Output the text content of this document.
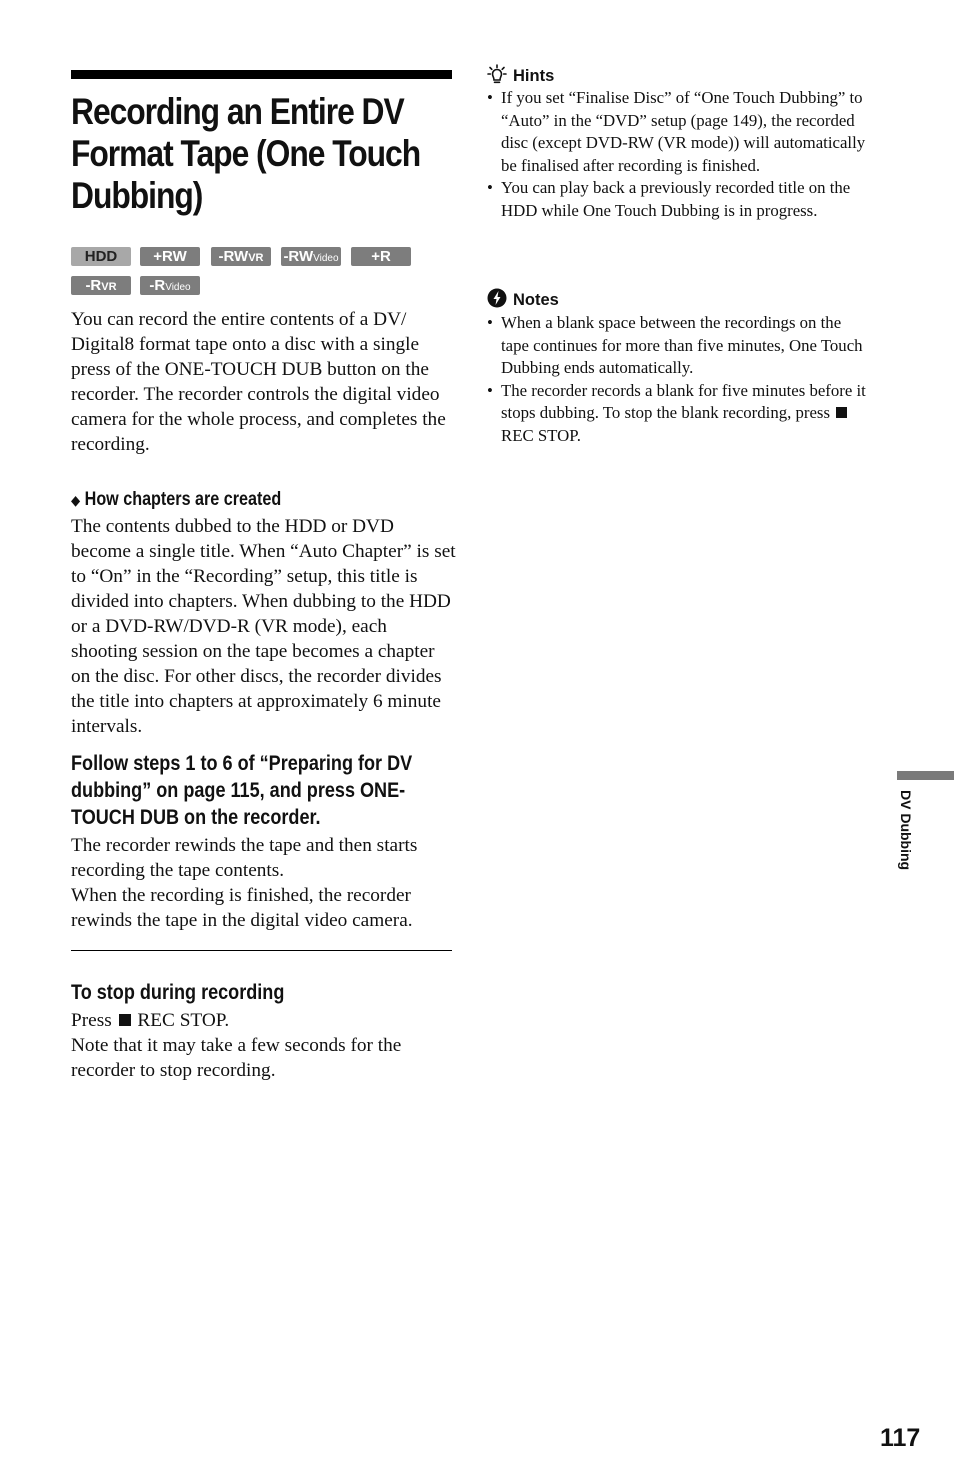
Recording an Entire DV Format Tape (One Touch Dubbing)
HDD	+RW	-RWVR	-RWVideo	+R
-RVR	-RVideo

You can record the entire contents of a DV/ Digital8 format tape onto a disc with a single press of the ONE-TOUCH DUB button on the recorder. The recorder controls the digital video camera for the whole process, and completes the recording.

◆ How chapters are created

The contents dubbed to the HDD or DVD become a single title. When “Auto Chapter” is set to “On” in the “Recording” setup, this title is divided into chapters. When dubbing to the HDD or a DVD-RW/DVD-R (VR mode), each shooting session on the tape becomes a chapter on the disc. For other discs, the recorder divides the title into chapters at approximately 6 minute intervals.

Follow steps 1 to 6 of “Preparing for DV dubbing” on page 115, and press ONE-TOUCH DUB on the recorder.

The recorder rewinds the tape and then starts recording the tape contents.

When the recording is finished, the recorder rewinds the tape in the digital video camera.

To stop during recording

Press REC STOP.

Note that it may take a few seconds for the recorder to stop recording.

Hints
• If you set “Finalise Disc” of “One Touch Dubbing” to “Auto” in the “DVD” setup (page 149), the recorded disc (except DVD-RW (VR mode)) will automatically be finalised after recording is finished.
• You can play back a previously recorded title on the HDD while One Touch Dubbing is in progress.
Notes
• When a blank space between the recordings on the tape continues for more than five minutes, One Touch Dubbing ends automatically.
• The recorder records a blank for five minutes before it stops dubbing. To stop the blank recording, press  REC STOP.
DV Dubbing
117
